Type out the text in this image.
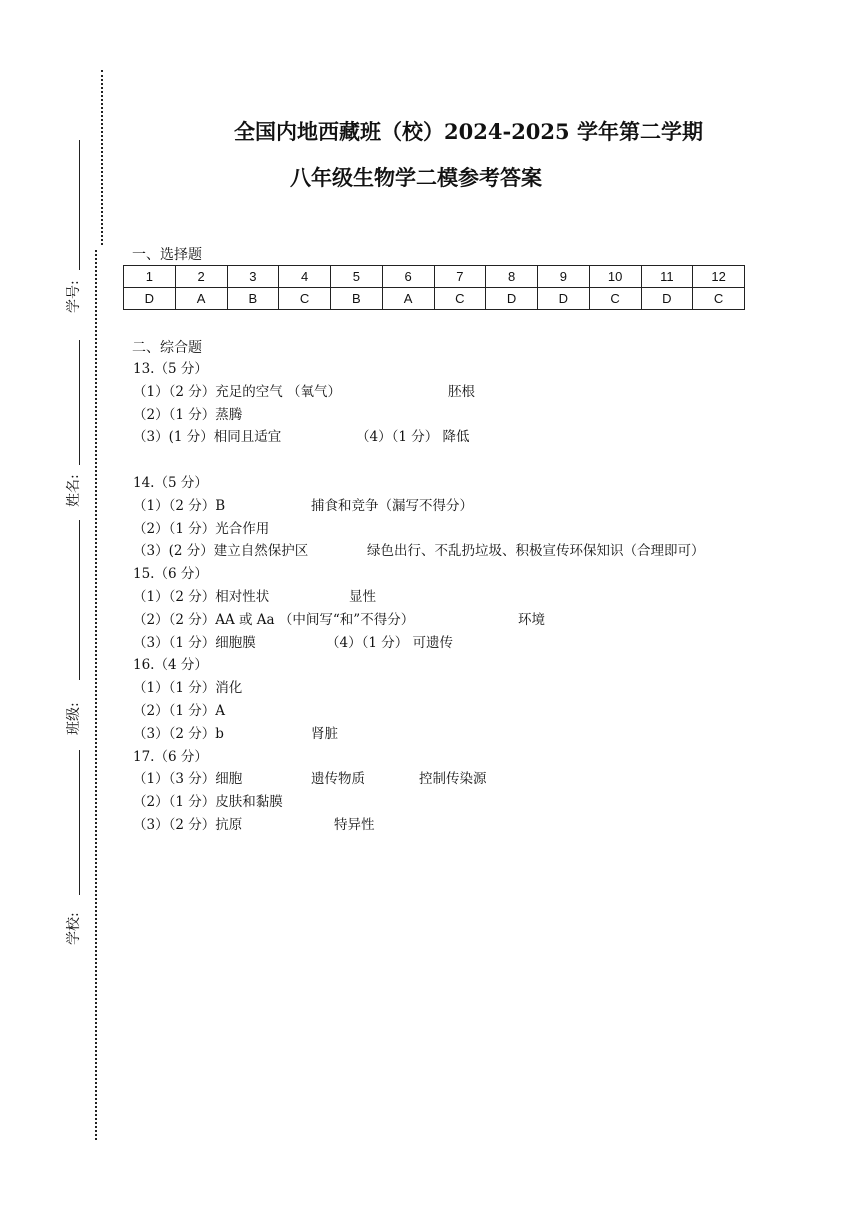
学号:
姓名:
班级:
学校:
全国内地西藏班（校）2024-2025 学年第二学期
八年级生物学二模参考答案
一、选择题
1	2	3	4	5	6	7	8	9	10	11	12
D	A	B	C	B	A	C	D	D	C	D	C
二、综合题
13.（5 分）
（1）（2 分）充足的空气 （氧气）	胚根
（2）（1 分）蒸腾
（3）(1 分）相同且适宜	（4）（1 分） 降低
14.（5 分）
（1）（2 分）B	捕食和竞争（漏写不得分）
（2）（1 分）光合作用
（3）(2 分）建立自然保护区	绿色出行、不乱扔垃圾、积极宣传环保知识（合理即可）
15.（6 分）
（1）（2 分）相对性状	显性
（2）（2 分）AA 或 Aa （中间写“和”不得分）	环境
（3）（1 分）细胞膜	（4）（1 分） 可遗传
16.（4 分）
（1）（1 分）消化
（2）（1 分）A
（3）（2 分）b	肾脏
17.（6 分）
（1）（3 分）细胞	遗传物质	控制传染源
（2）（1 分）皮肤和黏膜
（3）（2 分）抗原	特异性
